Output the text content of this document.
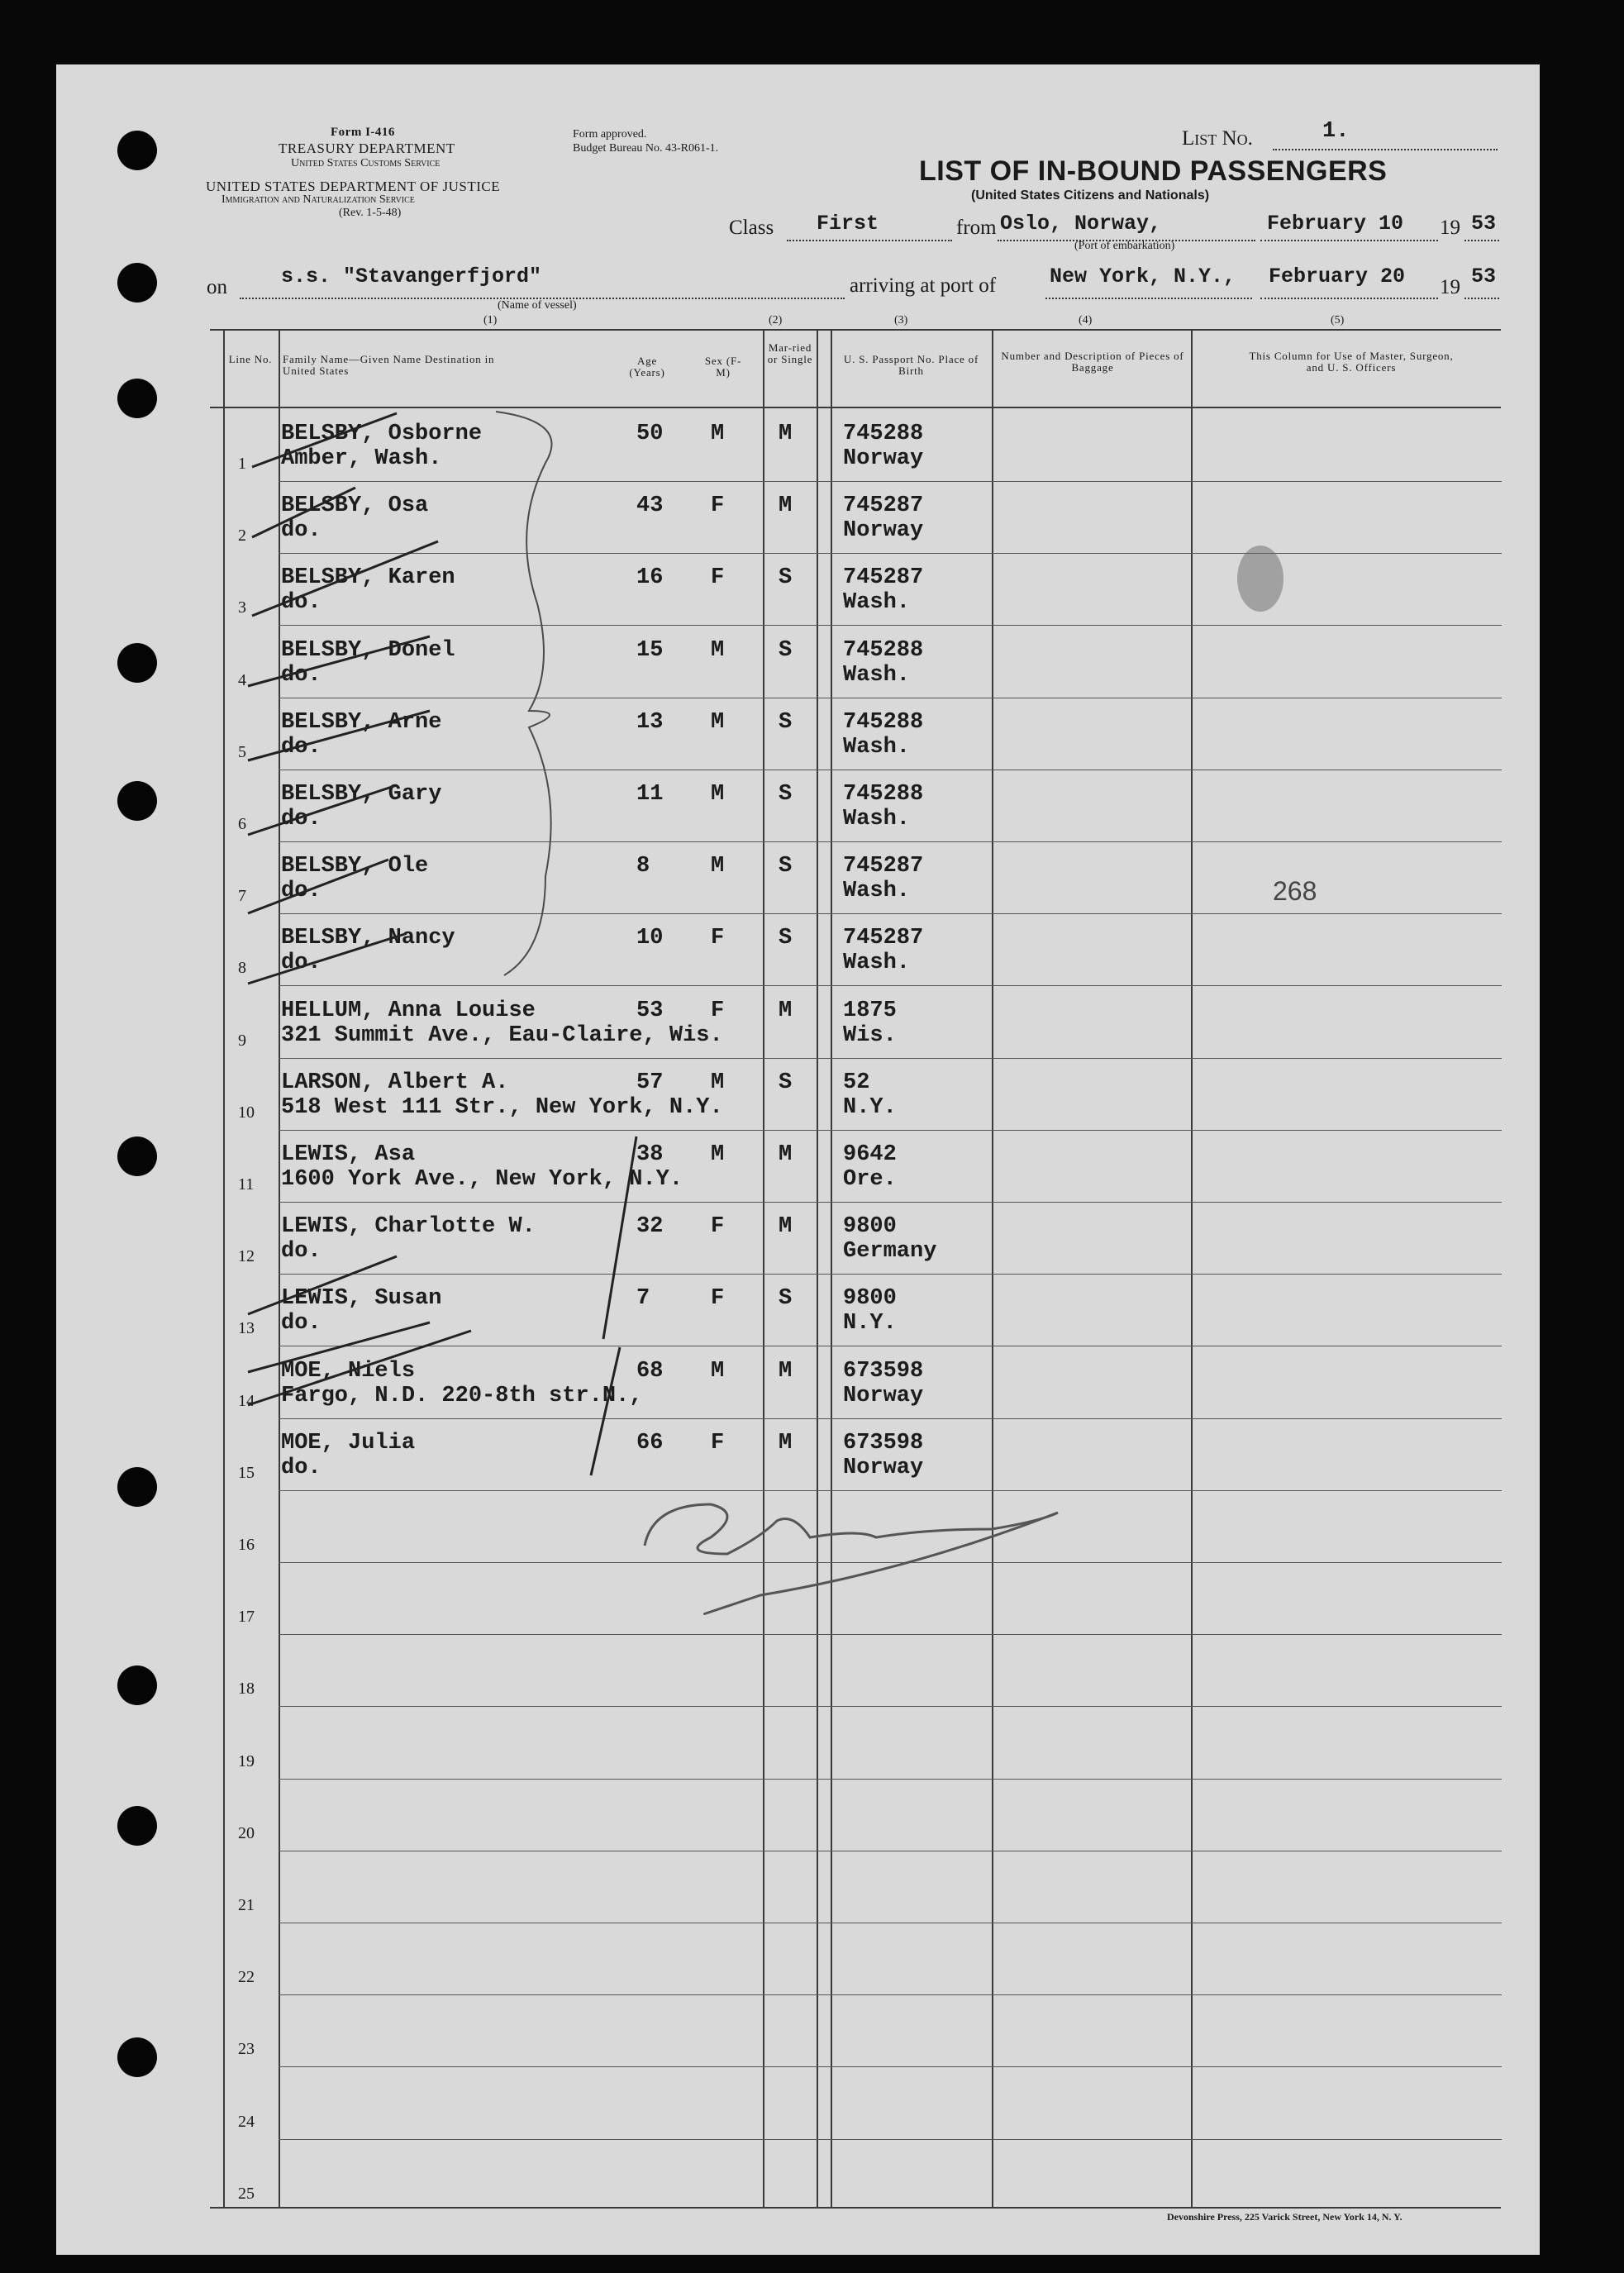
Form I-416
TREASURY DEPARTMENT
United States Customs Service
UNITED STATES DEPARTMENT OF JUSTICE
Immigration and Naturalization Service
(Rev. 1-5-48)
Form approved.
Budget Bureau No. 43-R061-1.
LIST OF IN-BOUND PASSENGERS
(United States Citizens and Nationals)
List No.	1.
Class First	from Oslo, Norway,
(Port of embarkation)
February 10 19 53
on	s.s. "Stavangerfjord"
(Name of vessel)
arriving at port of	New York, N.Y., February 20 19 53
(1)	(2)	(3)	(4)	(5)
Line No. Family Name—Given Name Destination in United States
Age (Years)
Sex (F-M)
Mar-ried or Single	U. S. Passport No. Place of Birth
Number and Description of Pieces of Baggage
This Column for Use of Master, Surgeon, and U. S. Officers
1
BELSBY, Osborne
Amber, Wash.
50 M M 745288
Norway
2
BELSBY, Osa
do.
43 F M 745287
Norway
3
BELSBY, Karen
do.
16 F S 745287
Wash.
4
BELSBY, Donel
do.
15 M S 745288
Wash.
5
BELSBY, Arne
do.
13 M S 745288
Wash.
6
BELSBY, Gary
do.
11 M S 745288
Wash.
7
BELSBY, Ole
do.
8	M S 745287
Wash.
8
BELSBY, Nancy
do.
10 F S 745287
Wash.
9
HELLUM, Anna Louise
321 Summit Ave., Eau-Claire, Wis.
53 F M 1875
Wis.
10
LARSON, Albert A.
518 West 111 Str., New York, N.Y.
57 M S 52
N.Y.
11
LEWIS, Asa
1600 York Ave., New York, N.Y.
38 M M 9642
Ore.
12
LEWIS, Charlotte W.
do.
32 F M 9800
Germany
13
LEWIS, Susan
do.
7	F S 9800
N.Y.
14
MOE, Niels
Fargo, N.D. 220-8th str.N.,
68 M M 673598
Norway
15
MOE, Julia
do.
66 F M 673598
Norway
16
17
18
19
20
21
22
23
24
25
268
Devonshire Press, 225 Varick Street, New York 14, N. Y.
